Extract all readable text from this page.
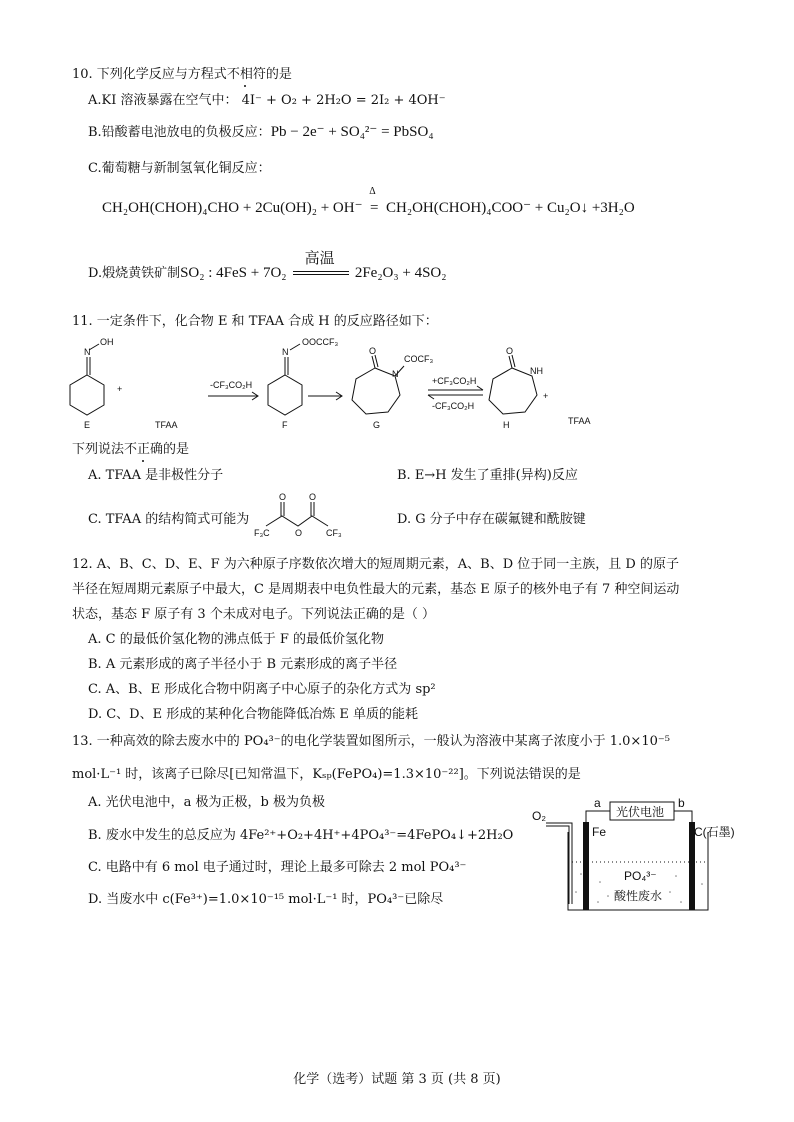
10. 下列化学反应与方程式不相符的是
A.KI 溶液暴露在空气中： 4I⁻ + O₂ + 2H₂O = 2I₂ + 4OH⁻
B.铅酸蓄电池放电的负极反应：Pb − 2e⁻ + SO₄²⁻ = PbSO₄
C.葡萄糖与新制氢氧化铜反应：
CH₂OH(CHOH)₄CHO + 2Cu(OH)₂ + OH⁻
Δ
= CH₂OH(CHOH)₄COO⁻ + Cu₂O↓ +3H₂O
D.煅烧黄铁矿制SO₂ : 4FeS + 7O₂
高温
2Fe₂O₃ + 4SO₂
11. 一定条件下，化合物 E 和 TFAA 合成 H 的反应路径如下：
OH
N
+
E	TFAA
-CF₃CO₂H
OOCCF₃
N
F
O
N
COCF₃
G
+CF₃CO₂H
-CF₃CO₂H
O
NH
H
+
TFAA
下列说法不正确的是
A. TFAA 是非极性分子	B. E→H 发生了重排(异构)反应
C. TFAA 的结构简式可能为
O	O
O
F₃C	CF₃
D. G 分子中存在碳氟键和酰胺键
12. A、B、C、D、E、F 为六种原子序数依次增大的短周期元素，A、B、D 位于同一主族，且 D 的原子
半径在短周期元素原子中最大，C 是周期表中电负性最大的元素，基态 E 原子的核外电子有 7 种空间运动
状态，基态 F 原子有 3 个未成对电子。下列说法正确的是（ ）
A. C 的最低价氢化物的沸点低于 F 的最低价氢化物
B. A 元素形成的离子半径小于 B 元素形成的离子半径
C. A、B、E 形成化合物中阴离子中心原子的杂化方式为 sp²
D. C、D、E 形成的某种化合物能降低冶炼 E 单质的能耗
13. 一种高效的除去废水中的 PO₄³⁻的电化学装置如图所示，一般认为溶液中某离子浓度小于 1.0×10⁻⁵
mol·L⁻¹ 时，该离子已除尽[已知常温下，Kₛₚ(FePO₄)=1.3×10⁻²²]。下列说法错误的是
A. 光伏电池中，a 极为正极，b 极为负极
B. 废水中发生的总反应为 4Fe²⁺+O₂+4H⁺+4PO₄³⁻=4FePO₄↓+2H₂O
C. 电路中有 6 mol 电子通过时，理论上最多可除去 2 mol PO₄³⁻
D. 当废水中 c(Fe³⁺)=1.0×10⁻¹⁵ mol·L⁻¹ 时，PO₄³⁻已除尽
O₂
a	b
光伏电池
Fe	C(石墨)
PO₄³⁻
酸性废水
化学（选考）试题 第 3 页 (共 8 页)
